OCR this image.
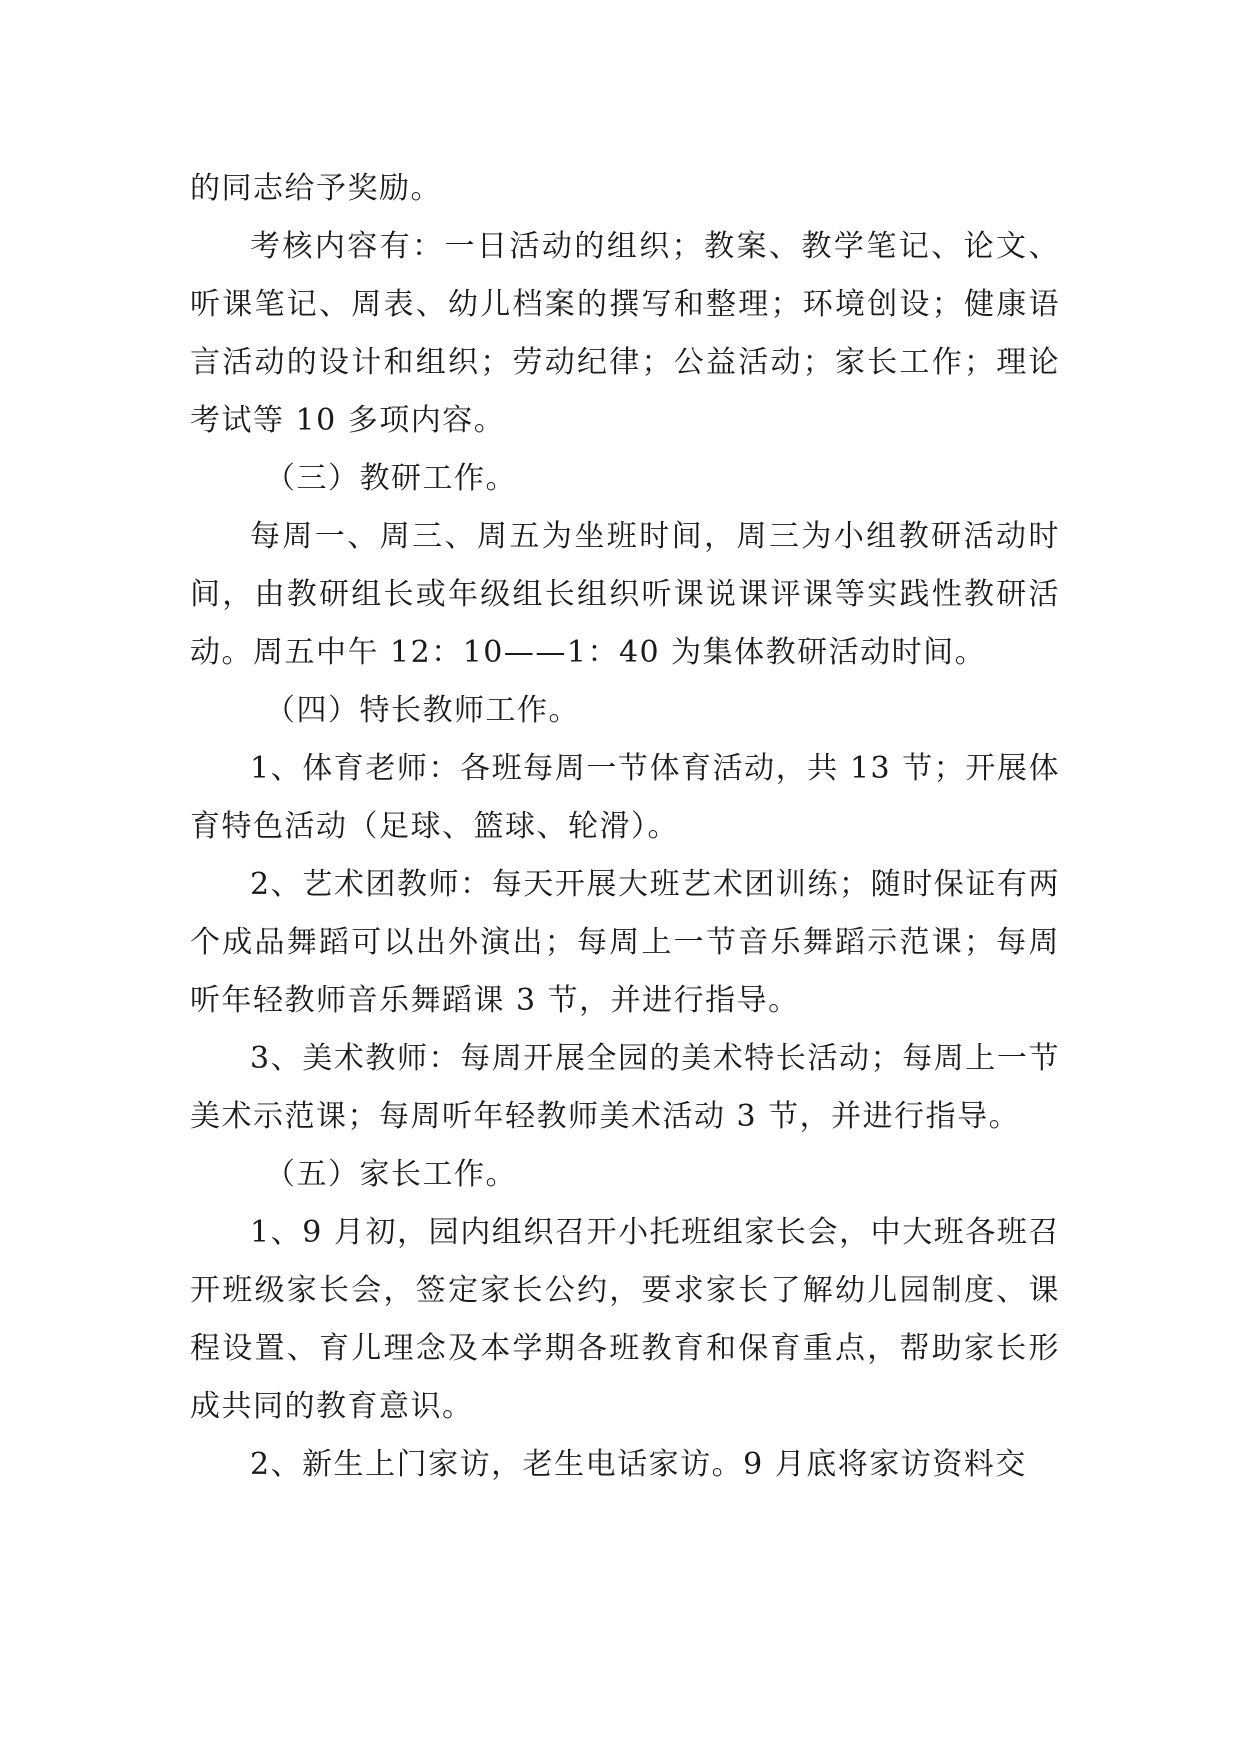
的同志给予奖励。

考核内容有：一日活动的组织；教案、教学笔记、论文、听课笔记、周表、幼儿档案的撰写和整理；环境创设；健康语言活动的设计和组织；劳动纪律；公益活动；家长工作；理论考试等 10 多项内容。

（三）教研工作。

每周一、周三、周五为坐班时间，周三为小组教研活动时间，由教研组长或年级组长组织听课说课评课等实践性教研活动。周五中午 12：10——1：40 为集体教研活动时间。

（四）特长教师工作。

1、体育老师：各班每周一节体育活动，共 13 节；开展体育特色活动（足球、篮球、轮滑）。

2、艺术团教师：每天开展大班艺术团训练；随时保证有两个成品舞蹈可以出外演出；每周上一节音乐舞蹈示范课；每周听年轻教师音乐舞蹈课 3 节，并进行指导。

3、美术教师：每周开展全园的美术特长活动；每周上一节美术示范课；每周听年轻教师美术活动 3 节，并进行指导。

（五）家长工作。

1、9 月初，园内组织召开小托班组家长会，中大班各班召开班级家长会，签定家长公约，要求家长了解幼儿园制度、课程设置、育儿理念及本学期各班教育和保育重点，帮助家长形成共同的教育意识。

2、新生上门家访，老生电话家访。9 月底将家访资料交
